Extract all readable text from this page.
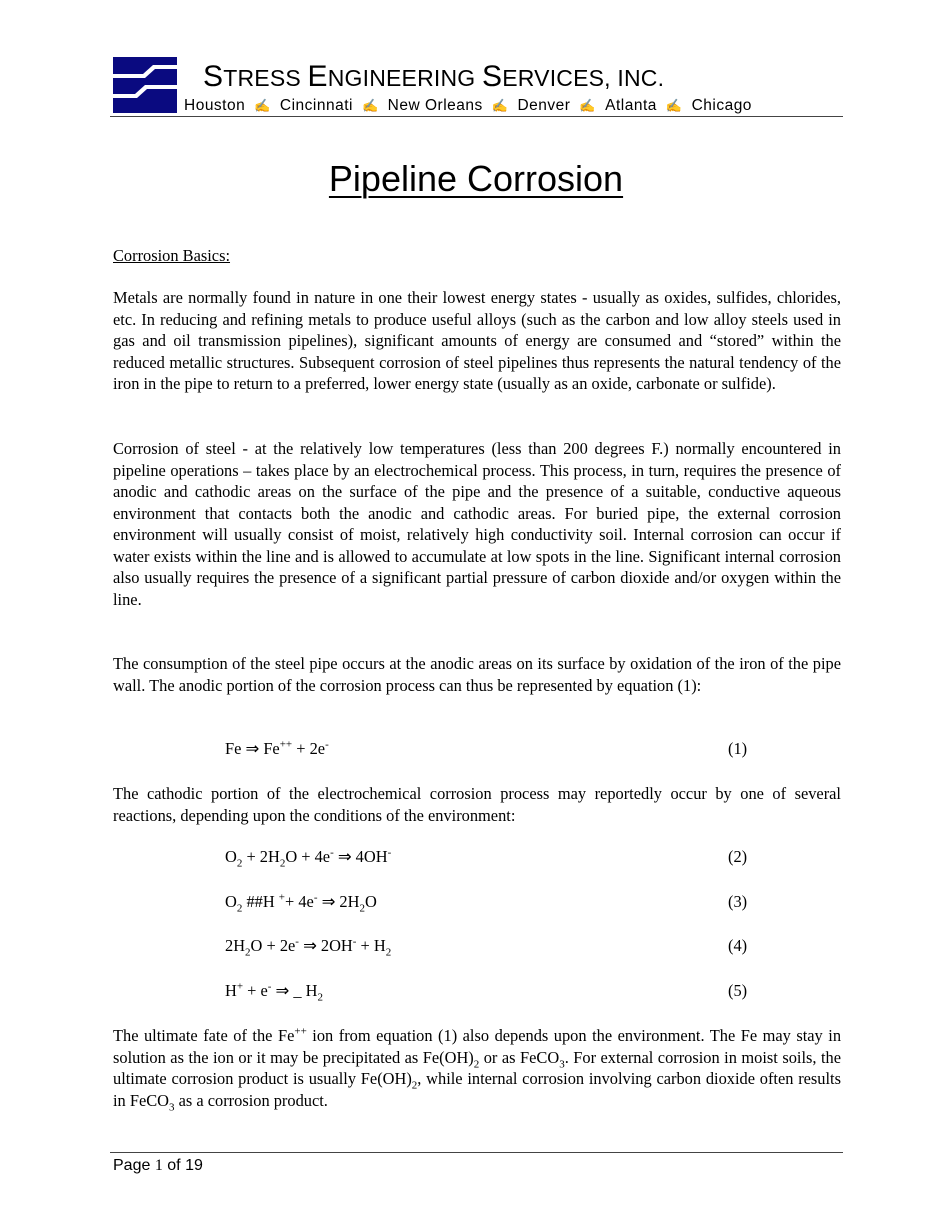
STRESS ENGINEERING SERVICES, INC.
Houston ✍ Cincinnati ✍ New Orleans ✍ Denver ✍ Atlanta ✍ Chicago
Pipeline Corrosion
Corrosion Basics:
Metals are normally found in nature in one their lowest energy states - usually as oxides, sulfides, chlorides, etc. In reducing and refining metals to produce useful alloys (such as the carbon and low alloy steels used in gas and oil transmission pipelines), significant amounts of energy are consumed and “stored” within the reduced metallic structures. Subsequent corrosion of steel pipelines thus represents the natural tendency of the iron in the pipe to return to a preferred, lower energy state (usually as an oxide, carbonate or sulfide).
Corrosion of steel - at the relatively low temperatures (less than 200 degrees F.) normally encountered in pipeline operations – takes place by an electrochemical process. This process, in turn, requires the presence of anodic and cathodic areas on the surface of the pipe and the presence of a suitable, conductive aqueous environment that contacts both the anodic and cathodic areas. For buried pipe, the external corrosion environment will usually consist of moist, relatively high conductivity soil. Internal corrosion can occur if water exists within the line and is allowed to accumulate at low spots in the line. Significant internal corrosion also usually requires the presence of a significant partial pressure of carbon dioxide and/or oxygen within the line.
The consumption of the steel pipe occurs at the anodic areas on its surface by oxidation of the iron of the pipe wall. The anodic portion of the corrosion process can thus be represented by equation (1):
Fe ⇒ Fe++ + 2e-	(1)
The cathodic portion of the electrochemical corrosion process may reportedly occur by one of several reactions, depending upon the conditions of the environment:
$O_2 + 2H_2O + 4e^-$ ⇒ 4OH-	(2)
$O_2$ ##H ++ 4e- ⇒ $2H_2O$	(3)
$2H_2O + 2e^-$ ⇒ $2OH^- + H_2$	(4)
H+ + e- ⇒ _ $H_2$	(5)
The ultimate fate of the Fe++ ion from equation (1) also depends upon the environment. The Fe may stay in solution as the ion or it may be precipitated as $Fe(OH)_2$ or as FeCO$_3$. For external corrosion in moist soils, the ultimate corrosion product is usually $Fe(OH)_2$, while internal corrosion involving carbon dioxide often results in FeCO$_3$ as a corrosion product.
Page 1 of 19
